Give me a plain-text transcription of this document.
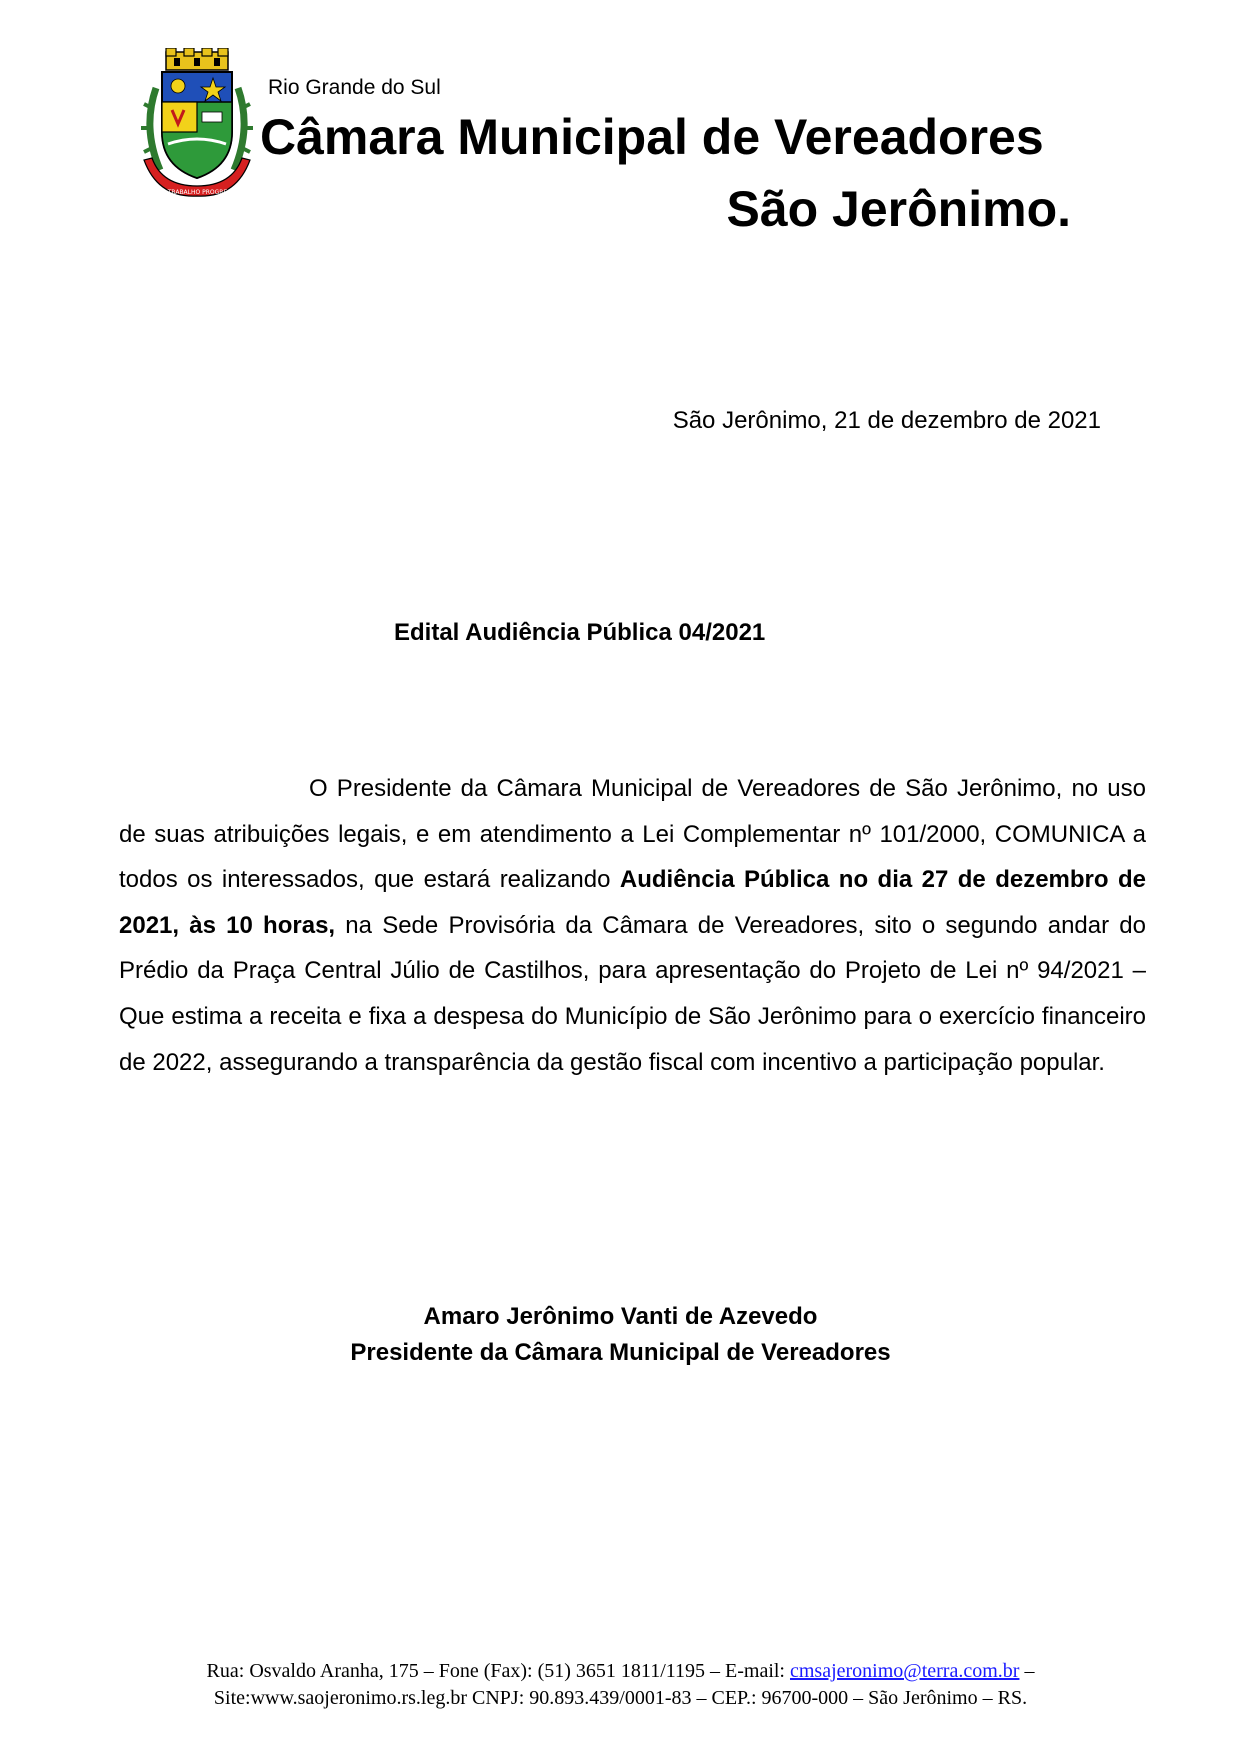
PAZ TRABALHO PROGRESSO
Rio Grande do Sul
Câmara Municipal de Vereadores
São Jerônimo.
São Jerônimo, 21 de dezembro de 2021
Edital Audiência Pública 04/2021

O Presidente da Câmara Municipal de Vereadores de São Jerônimo, no uso de suas atribuições legais, e em atendimento a Lei Complementar nº 101/2000, COMUNICA a todos os interessados, que estará realizando Audiência Pública no dia 27 de dezembro de 2021, às 10 horas, na Sede Provisória da Câmara de Vereadores, sito o segundo andar do Prédio da Praça Central Júlio de Castilhos, para apresentação do Projeto de Lei nº 94/2021 – Que estima a receita e fixa a despesa do Município de São Jerônimo para o exercício financeiro de 2022, assegurando a transparência da gestão fiscal com incentivo a participação popular.

Amaro Jerônimo Vanti de Azevedo
Presidente da Câmara Municipal de Vereadores
Rua: Osvaldo Aranha, 175 – Fone (Fax): (51) 3651 1811/1195 – E-mail: cmsajeronimo@terra.com.br –
Site:www.saojeronimo.rs.leg.br CNPJ: 90.893.439/0001-83 – CEP.: 96700-000 – São Jerônimo – RS.
